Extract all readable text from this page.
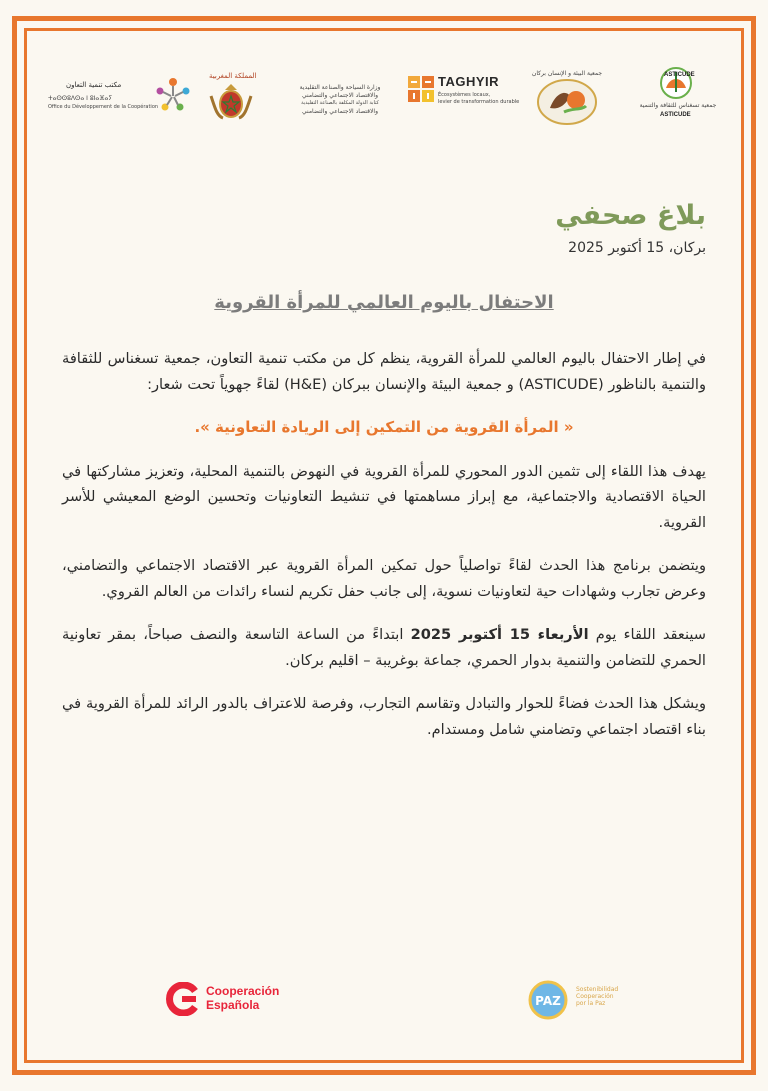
مكتب تنمية التعاون
ⵜⴰⵙⵙⵓⴷⵙⴰ ⵏ ⵓⵏⴰⴼⴰⵢ
Office du Développement de la Coopération
المملكة المغربية
وزارة السياحة والصناعة التقليدية
والاقتصاد الاجتماعي والتضامني
كتابة الدولة المكلفة بالصناعة التقليدية
والاقتصاد الاجتماعي والتضامني
TAGHYIR
Écosystèmes locaux,
levier de transformation durable
جمعية البيئة و الإنسان بركان	ASTICUDE
جمعية تسغناس للثقافة والتنمية
ASTICUDE
بلاغ صحفي
بركان، 15 أكتوبر 2025
الاحتفال باليوم العالمي للمرأة القروية

في إطار الاحتفال باليوم العالمي للمرأة القروية، ينظم كل من مكتب تنمية التعاون، جمعية تسغناس للثقافة والتنمية بالناظور (ASTICUDE) و جمعية البيئة والإنسان ببركان (H&E) لقاءً جهوياً تحت شعار:

« المرأة القروية من التمكين إلى الريادة التعاونية ».

يهدف هذا اللقاء إلى تثمين الدور المحوري للمرأة القروية في النهوض بالتنمية المحلية، وتعزيز مشاركتها في الحياة الاقتصادية والاجتماعية، مع إبراز مساهمتها في تنشيط التعاونيات وتحسين الوضع المعيشي للأسر القروية.

ويتضمن برنامج هذا الحدث لقاءً تواصلياً حول تمكين المرأة القروية عبر الاقتصاد الاجتماعي والتضامني، وعرض تجارب وشهادات حية لتعاونيات نسوية، إلى جانب حفل تكريم لنساء رائدات من العالم القروي.

سينعقد اللقاء يوم الأربعاء 15 أكتوبر 2025 ابتداءً من الساعة التاسعة والنصف صباحاً، بمقر تعاونية الحمري للتضامن والتنمية بدوار الحمري، جماعة بوغريبة – اقليم بركان.

ويشكل هذا الحدث فضاءً للحوار والتبادل وتقاسم التجارب، وفرصة للاعتراف بالدور الرائد للمرأة القروية في بناء اقتصاد اجتماعي وتضامني شامل ومستدام.

Cooperación
Española	PAZ
Sostenibilidad
Cooperación
por la Paz
